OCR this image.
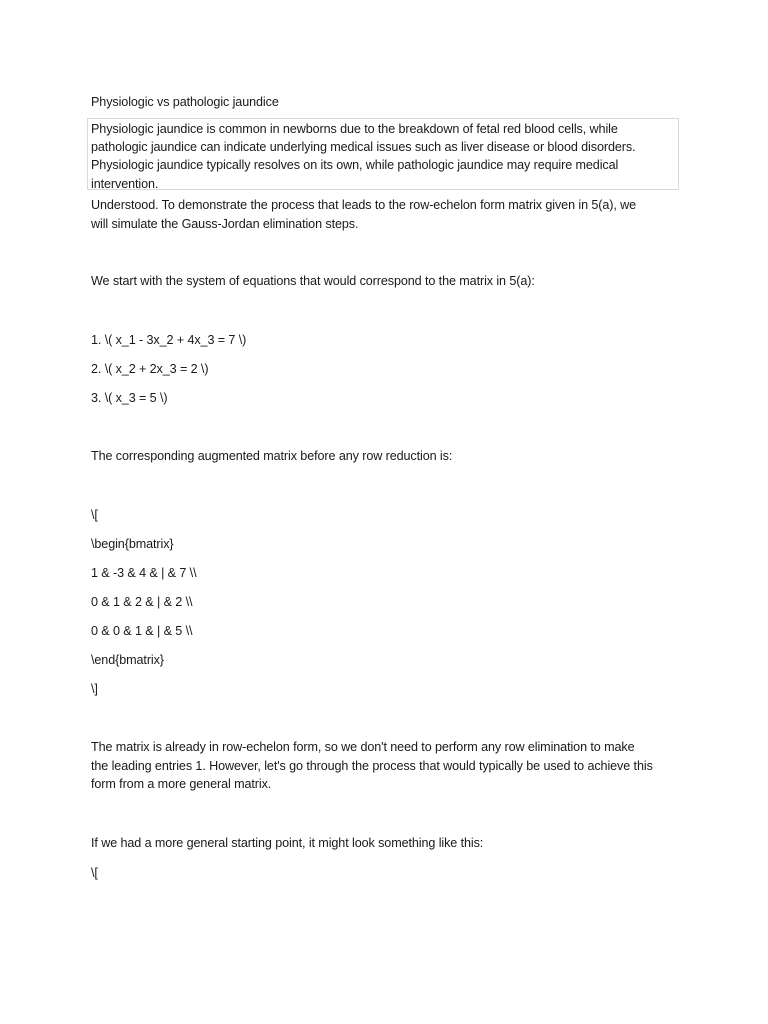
Physiologic vs pathologic jaundice
Physiologic jaundice is common in newborns due to the breakdown of fetal red blood cells, while
pathologic jaundice can indicate underlying medical issues such as liver disease or blood disorders.
Physiologic jaundice typically resolves on its own, while pathologic jaundice may require medical
intervention.
Understood. To demonstrate the process that leads to the row-echelon form matrix given in 5(a), we
will simulate the Gauss-Jordan elimination steps.
We start with the system of equations that would correspond to the matrix in 5(a):
1. \( x_1 - 3x_2 + 4x_3 = 7 \)
2. \( x_2 + 2x_3 = 2 \)
3. \( x_3 = 5 \)
The corresponding augmented matrix before any row reduction is:
\[
\begin{bmatrix}
1 & -3 & 4 & | & 7 \\
0 & 1 & 2 & | & 2 \\
0 & 0 & 1 & | & 5 \\
\end{bmatrix}
\]
The matrix is already in row-echelon form, so we don't need to perform any row elimination to make
the leading entries 1. However, let's go through the process that would typically be used to achieve this
form from a more general matrix.
If we had a more general starting point, it might look something like this:
\[
